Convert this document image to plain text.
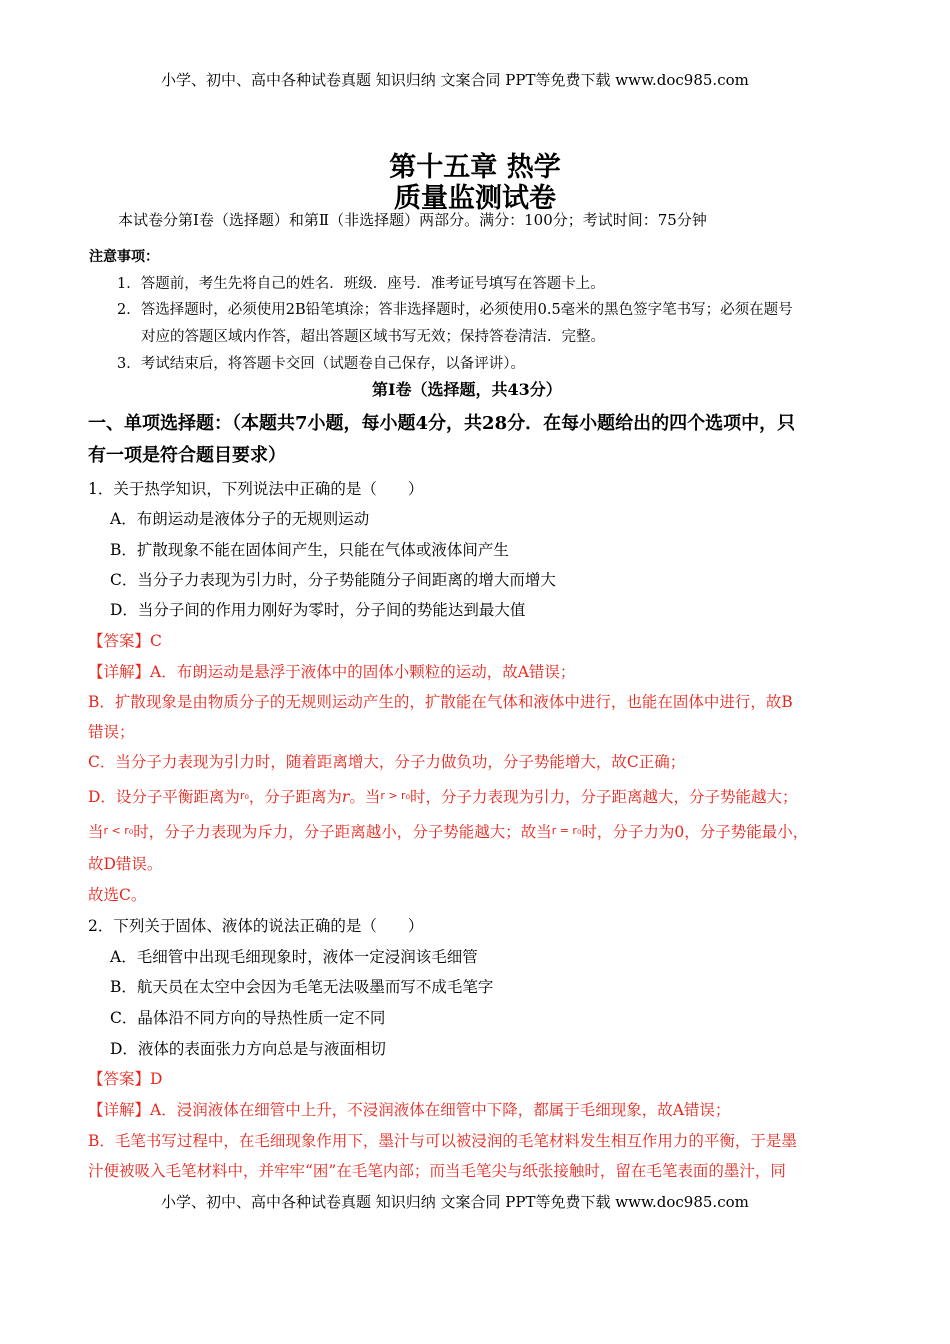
小学、初中、高中各种试卷真题 知识归纳 文案合同 PPT等免费下载 www.doc985.com
第十五章 热学
质量监测试卷
本试卷分第Ⅰ卷（选择题）和第Ⅱ（非选择题）两部分。满分：100分；考试时间：75分钟
注意事项：
1．答题前，考生先将自己的姓名．班级．座号．准考证号填写在答题卡上。
2．答选择题时，必须使用2B铅笔填涂；答非选择题时，必须使用0.5毫米的黑色签字笔书写；必须在题号
对应的答题区域内作答，超出答题区域书写无效；保持答卷清洁．完整。
3．考试结束后，将答题卡交回（试题卷自己保存，以备评讲）。
第Ⅰ卷（选择题，共43分）
一、单项选择题：（本题共7小题，每小题4分，共28分．在每小题给出的四个选项中，只
有一项是符合题目要求）
1．关于热学知识，下列说法中正确的是（　　）
A．布朗运动是液体分子的无规则运动
B．扩散现象不能在固体间产生，只能在气体或液体间产生
C．当分子力表现为引力时，分子势能随分子间距离的增大而增大
D．当分子间的作用力刚好为零时，分子间的势能达到最大值
【答案】C
【详解】A．布朗运动是悬浮于液体中的固体小颗粒的运动，故A错误；
B．扩散现象是由物质分子的无规则运动产生的，扩散能在气体和液体中进行，也能在固体中进行，故B
错误；
C．当分子力表现为引力时，随着距离增大，分子力做负功，分子势能增大，故C正确；
D．设分子平衡距离为r₀，分子距离为r。当r > r₀时，分子力表现为引力，分子距离越大，分子势能越大；
当r < r₀时，分子力表现为斥力，分子距离越小，分子势能越大；故当r = r₀时，分子力为0，分子势能最小，
故D错误。
故选C。
2．下列关于固体、液体的说法正确的是（　　）
A．毛细管中出现毛细现象时，液体一定浸润该毛细管
B．航天员在太空中会因为毛笔无法吸墨而写不成毛笔字
C．晶体沿不同方向的导热性质一定不同
D．液体的表面张力方向总是与液面相切
【答案】D
【详解】A．浸润液体在细管中上升，不浸润液体在细管中下降，都属于毛细现象，故A错误；
B．毛笔书写过程中，在毛细现象作用下，墨汁与可以被浸润的毛笔材料发生相互作用力的平衡，于是墨
汁便被吸入毛笔材料中，并牢牢“困”在毛笔内部；而当毛笔尖与纸张接触时，留在毛笔表面的墨汁，同
小学、初中、高中各种试卷真题 知识归纳 文案合同 PPT等免费下载 www.doc985.com
